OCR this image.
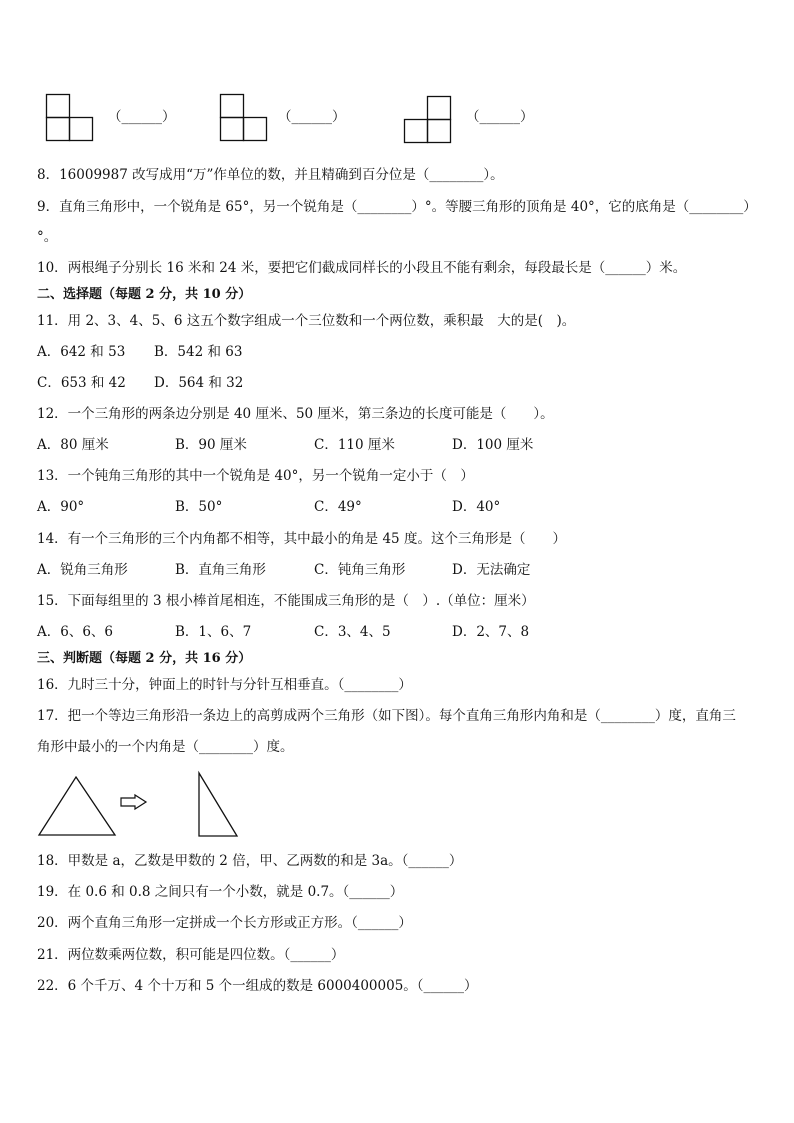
（______）	（______）	（______）
8．16009987 改写成用“万”作单位的数，并且精确到百分位是（________）。
9．直角三角形中，一个锐角是 65°，另一个锐角是（________）°。等腰三角形的顶角是 40°，它的底角是（________）
°。
10．两根绳子分别长 16 米和 24 米，要把它们截成同样长的小段且不能有剩余，每段最长是（______）米。
二、选择题（每题 2 分，共 10 分）
11．用 2、3、4、5、6 这五个数字组成一个三位数和一个两位数，乘积最　大的是(　)。
A．642 和 53 B．542 和 63
C．653 和 42 D．564 和 32
12．一个三角形的两条边分别是 40 厘米、50 厘米，第三条边的长度可能是（　　）。
A．80 厘米	B．90 厘米	C．110 厘米	D．100 厘米
13．一个钝角三角形的其中一个锐角是 40°，另一个锐角一定小于（　）
A．90°	B．50°	C．49°	D．40°
14．有一个三角形的三个内角都不相等，其中最小的角是 45 度。这个三角形是（　　）
A．锐角三角形	B．直角三角形	C．钝角三角形	D．无法确定
15．下面每组里的 3 根小棒首尾相连，不能围成三角形的是（　）.（单位：厘米）
A．6、6、6	B．1、6、7	C．3、4、5	D．2、7、8
三、判断题（每题 2 分，共 16 分）
16．九时三十分，钟面上的时针与分针互相垂直。（________）
17．把一个等边三角形沿一条边上的高剪成两个三角形（如下图）。每个直角三角形内角和是（________）度，直角三
角形中最小的一个内角是（________）度。
18．甲数是 a，乙数是甲数的 2 倍，甲、乙两数的和是 3a。（______）
19．在 0.6 和 0.8 之间只有一个小数，就是 0.7。（______）
20．两个直角三角形一定拼成一个长方形或正方形。（______）
21．两位数乘两位数，积可能是四位数。（______）
22．6 个千万、4 个十万和 5 个一组成的数是 6000400005。（______）
